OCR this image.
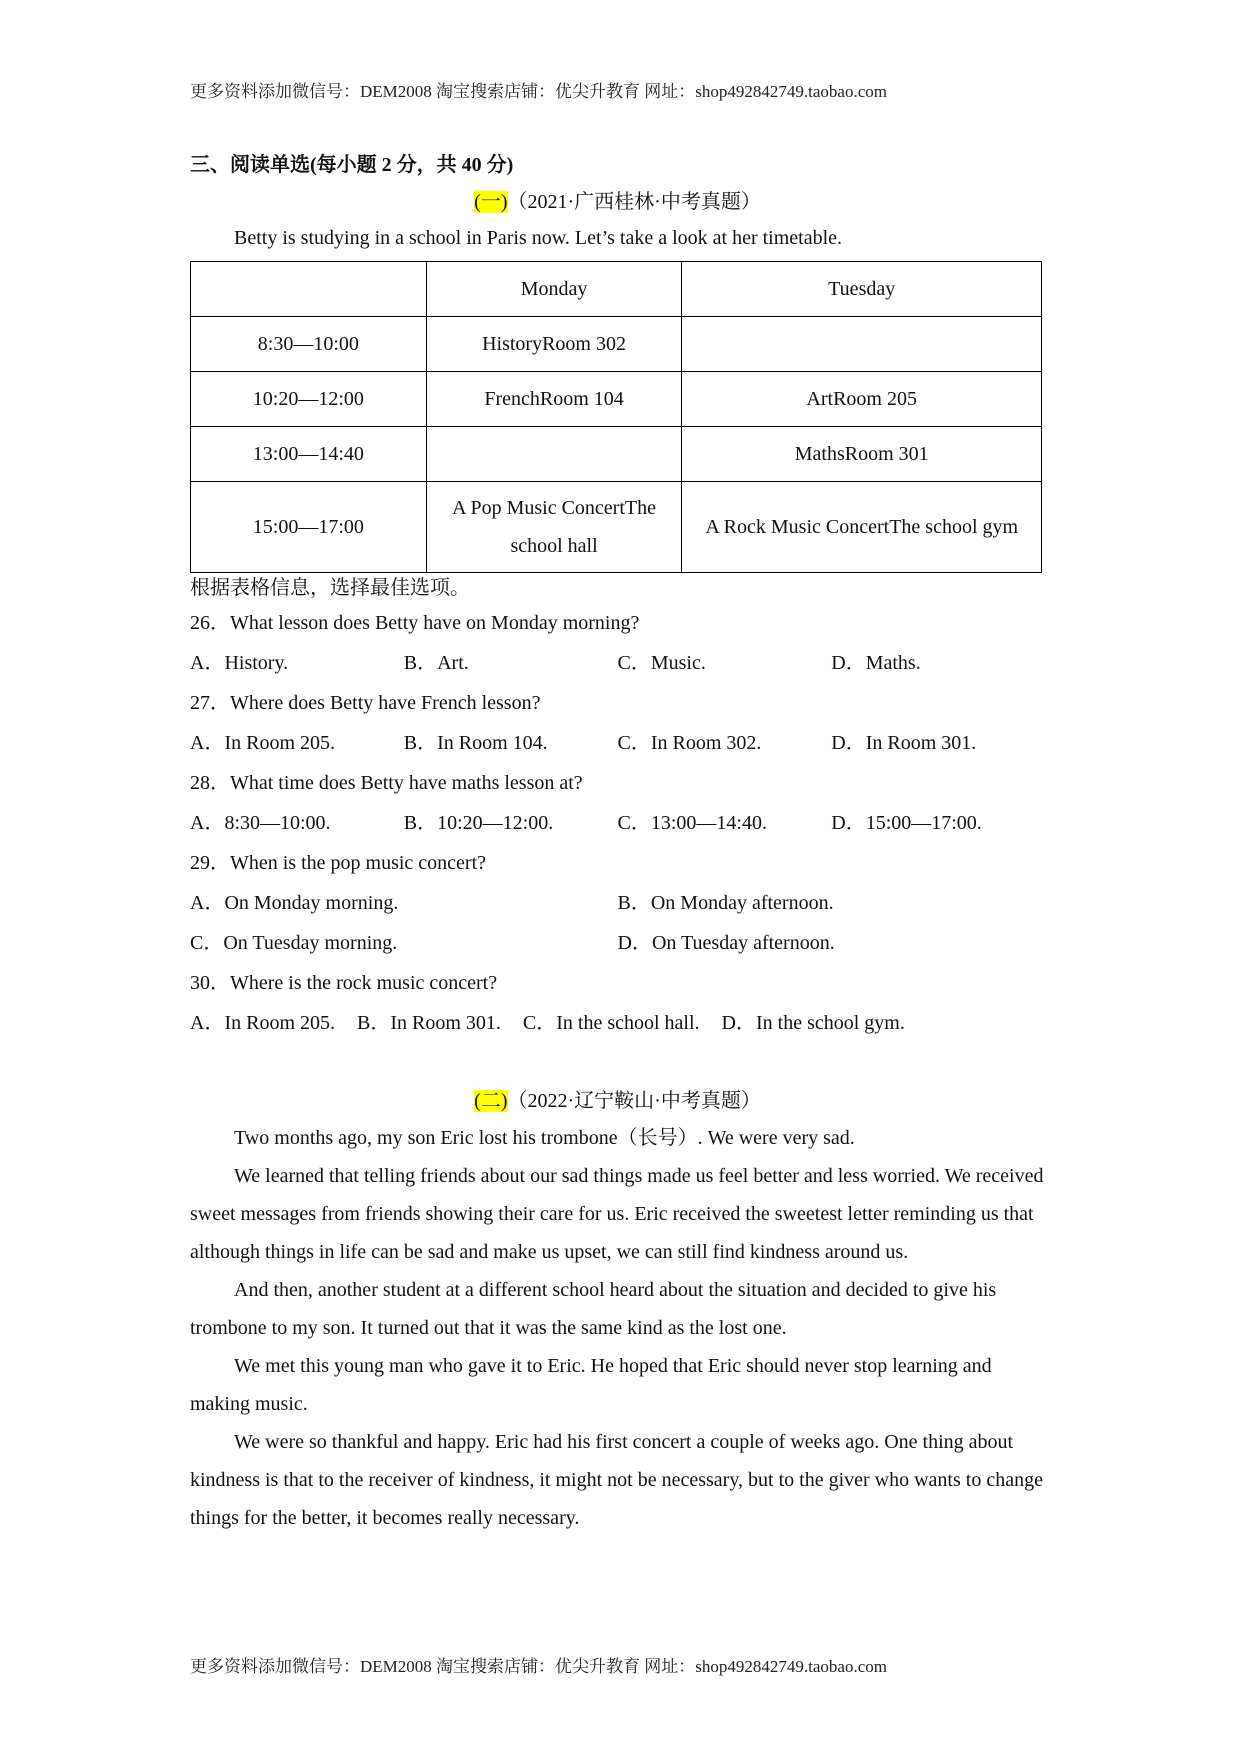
更多资料添加微信号：DEM2008 淘宝搜索店铺：优尖升教育 网址：shop492842749.taobao.com
三、阅读单选(每小题 2 分，共 40 分)
(一)（2021·广西桂林·中考真题）

Betty is studying in a school in Paris now. Let’s take a look at her timetable.

	Monday	Tuesday
8:30—10:00	HistoryRoom 302	
10:20—12:00	FrenchRoom 104	ArtRoom 205
13:00—14:40		MathsRoom 301
15:00—17:00	A Pop Music ConcertThe school hall	A Rock Music ConcertThe school gym

根据表格信息，选择最佳选项。

26．What lesson does Betty have on Monday morning?

A．History.	B．Art.	C．Music.	D．Maths.

27．Where does Betty have French lesson?

A．In Room 205.	B．In Room 104.	C．In Room 302.	D．In Room 301.

28．What time does Betty have maths lesson at?

A．8:30—10:00.	B．10:20—12:00.	C．13:00—14:40.	D．15:00—17:00.

29．When is the pop music concert?

A．On Monday morning.	B．On Monday afternoon.
C．On Tuesday morning.	D．On Tuesday afternoon.

30．Where is the rock music concert?

A．In Room 205. B．In Room 301. C．In the school hall. D．In the school gym.
(二)（2022·辽宁鞍山·中考真题）

Two months ago, my son Eric lost his trombone（长号）. We were very sad.

We learned that telling friends about our sad things made us feel better and less worried. We received sweet messages from friends showing their care for us. Eric received the sweetest letter reminding us that although things in life can be sad and make us upset, we can still find kindness around us.

And then, another student at a different school heard about the situation and decided to give his trombone to my son. It turned out that it was the same kind as the lost one.

We met this young man who gave it to Eric. He hoped that Eric should never stop learning and making music.

We were so thankful and happy. Eric had his first concert a couple of weeks ago. One thing about kindness is that to the receiver of kindness, it might not be necessary, but to the giver who wants to change things for the better, it becomes really necessary.

更多资料添加微信号：DEM2008 淘宝搜索店铺：优尖升教育 网址：shop492842749.taobao.com
